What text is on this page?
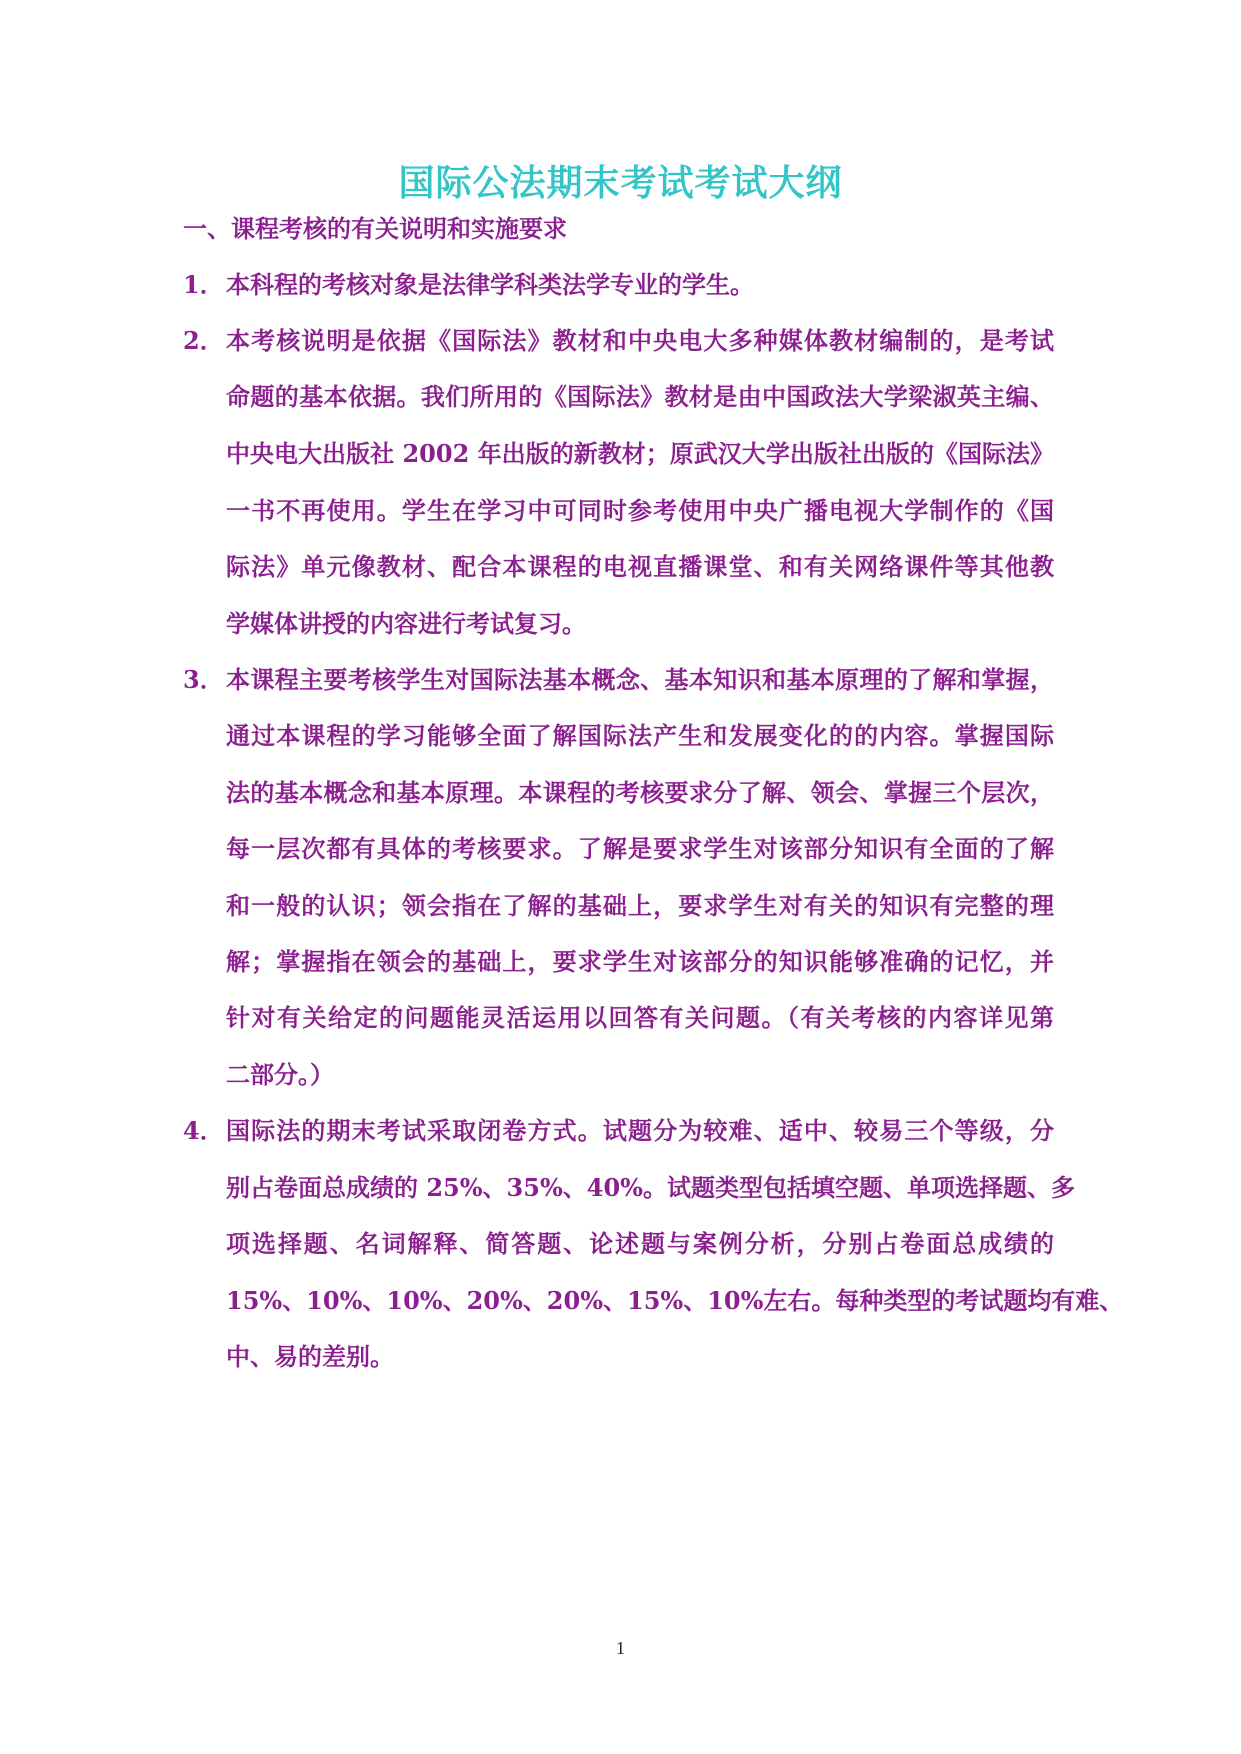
国际公法期末考试考试大纲
一、课程考核的有关说明和实施要求
1． 本科程的考核对象是法律学科类法学专业的学生。
2． 本考核说明是依据《国际法》教材和中央电大多种媒体教材编制的，是考试
命题的基本依据。我们所用的《国际法》教材是由中国政法大学梁淑英主编、
中央电大出版社 2002 年出版的新教材；原武汉大学出版社出版的《国际法》
一书不再使用。学生在学习中可同时参考使用中央广播电视大学制作的《国
际法》单元像教材、配合本课程的电视直播课堂、和有关网络课件等其他教
学媒体讲授的内容进行考试复习。
3． 本课程主要考核学生对国际法基本概念、基本知识和基本原理的了解和掌握，
通过本课程的学习能够全面了解国际法产生和发展变化的的内容。掌握国际
法的基本概念和基本原理。本课程的考核要求分了解、领会、掌握三个层次，
每一层次都有具体的考核要求。了解是要求学生对该部分知识有全面的了解
和一般的认识；领会指在了解的基础上，要求学生对有关的知识有完整的理
解；掌握指在领会的基础上，要求学生对该部分的知识能够准确的记忆，并
针对有关给定的问题能灵活运用以回答有关问题。（有关考核的内容详见第
二部分。）
4． 国际法的期末考试采取闭卷方式。试题分为较难、适中、较易三个等级，分
别占卷面总成绩的 25%、35%、40%。试题类型包括填空题、单项选择题、多
项选择题、名词解释、简答题、论述题与案例分析，分别占卷面总成绩的
15%、10%、10%、20%、20%、15%、10%左右。每种类型的考试题均有难、
中、易的差别。
1
